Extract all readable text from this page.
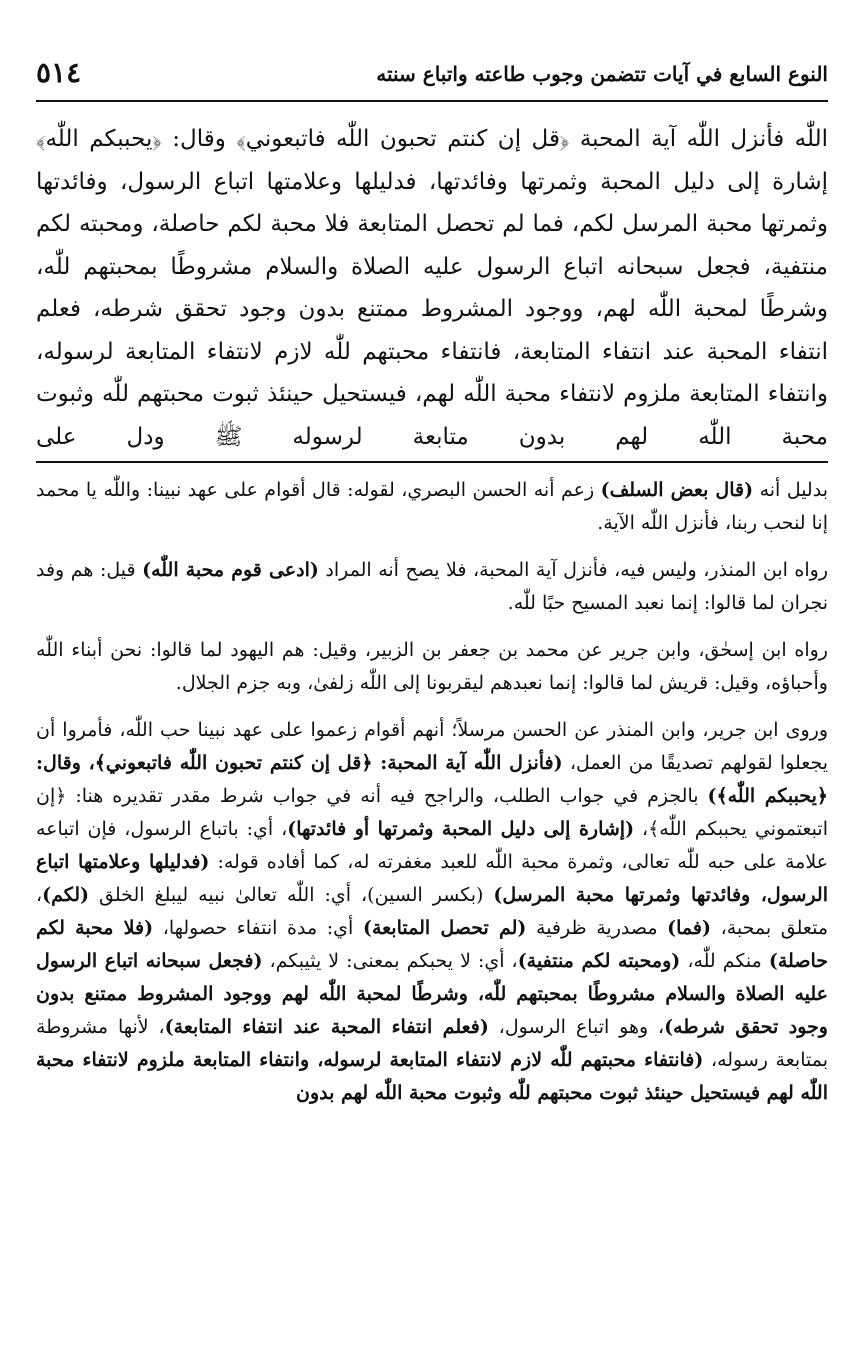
٥١٤	النوع السابع في آيات تتضمن وجوب طاعته واتباع سنته

اللّٰه فأنزل اللّٰه آية المحبة ﴿قل إن كنتم تحبون اللّٰه فاتبعوني﴾ وقال: ﴿يحببكم اللّٰه﴾ إشارة إلى دليل المحبة وثمرتها وفائدتها، فدليلها وعلامتها اتباع الرسول، وفائدتها وثمرتها محبة المرسل لكم، فما لم تحصل المتابعة فلا محبة لكم حاصلة، ومحبته لكم منتفية، فجعل سبحانه اتباع الرسول عليه الصلاة والسلام مشروطًا بمحبتهم للّٰه، وشرطًا لمحبة اللّٰه لهم، ووجود المشروط ممتنع بدون وجود تحقق شرطه، فعلم انتفاء المحبة عند انتفاء المتابعة، فانتفاء محبتهم للّٰه لازم لانتفاء المتابعة لرسوله، وانتفاء المتابعة ملزوم لانتفاء محبة اللّٰه لهم، فيستحيل حينئذ ثبوت محبتهم للّٰه وثبوت محبة اللّٰه لهم بدون متابعة لرسوله ﷺ ودل على

بدليل أنه (قال بعض السلف) زعم أنه الحسن البصري، لقوله: قال أقوام على عهد نبينا: واللّٰه يا محمد إنا لنحب ربنا، فأنزل اللّٰه الآية.

رواه ابن المنذر، وليس فيه، فأنزل آية المحبة، فلا يصح أنه المراد (ادعى قوم محبة اللّٰه) قيل: هم وفد نجران لما قالوا: إنما نعبد المسيح حبًا للّٰه.

رواه ابن إسحٰق، وابن جرير عن محمد بن جعفر بن الزبير، وقيل: هم اليهود لما قالوا: نحن أبناء اللّٰه وأحباؤه، وقيل: قريش لما قالوا: إنما نعبدهم ليقربونا إلى اللّٰه زلفىٰ، وبه جزم الجلال.

وروى ابن جرير، وابن المنذر عن الحسن مرسلاً؛ أنهم أقوام زعموا على عهد نبينا حب اللّٰه، فأمروا أن يجعلوا لقولهم تصديقًا من العمل، (فأنزل اللّٰه آية المحبة: ﴿قل إن كنتم تحبون اللّٰه فاتبعوني﴾، وقال: ﴿يحببكم اللّٰه﴾) بالجزم في جواب الطلب، والراجح فيه أنه في جواب شرط مقدر تقديره هنا: ﴿إن اتبعتموني يحببكم اللّٰه﴾، (إشارة إلى دليل المحبة وثمرتها أو فائدتها)، أي: باتباع الرسول، فإن اتباعه علامة على حبه للّٰه تعالى، وثمرة محبة اللّٰه للعبد مغفرته له، كما أفاده قوله: (فدليلها وعلامتها اتباع الرسول، وفائدتها وثمرتها محبة المرسل) (بكسر السين)، أي: اللّٰه تعالىٰ نبيه ليبلغ الخلق (لكم)، متعلق بمحبة، (فما) مصدرية ظرفية (لم تحصل المتابعة) أي: مدة انتفاء حصولها، (فلا محبة لكم حاصلة) منكم للّٰه، (ومحبته لكم منتفية)، أي: لا يحبكم بمعنى: لا يثيبكم، (فجعل سبحانه اتباع الرسول عليه الصلاة والسلام مشروطًا بمحبتهم للّٰه، وشرطًا لمحبة اللّٰه لهم ووجود المشروط ممتنع بدون وجود تحقق شرطه)، وهو اتباع الرسول، (فعلم انتفاء المحبة عند انتفاء المتابعة)، لأنها مشروطة بمتابعة رسوله، (فانتفاء محبتهم للّٰه لازم لانتفاء المتابعة لرسوله، وانتفاء المتابعة ملزوم لانتفاء محبة اللّٰه لهم فيستحيل حينئذ ثبوت محبتهم للّٰه وثبوت محبة اللّٰه لهم بدون
